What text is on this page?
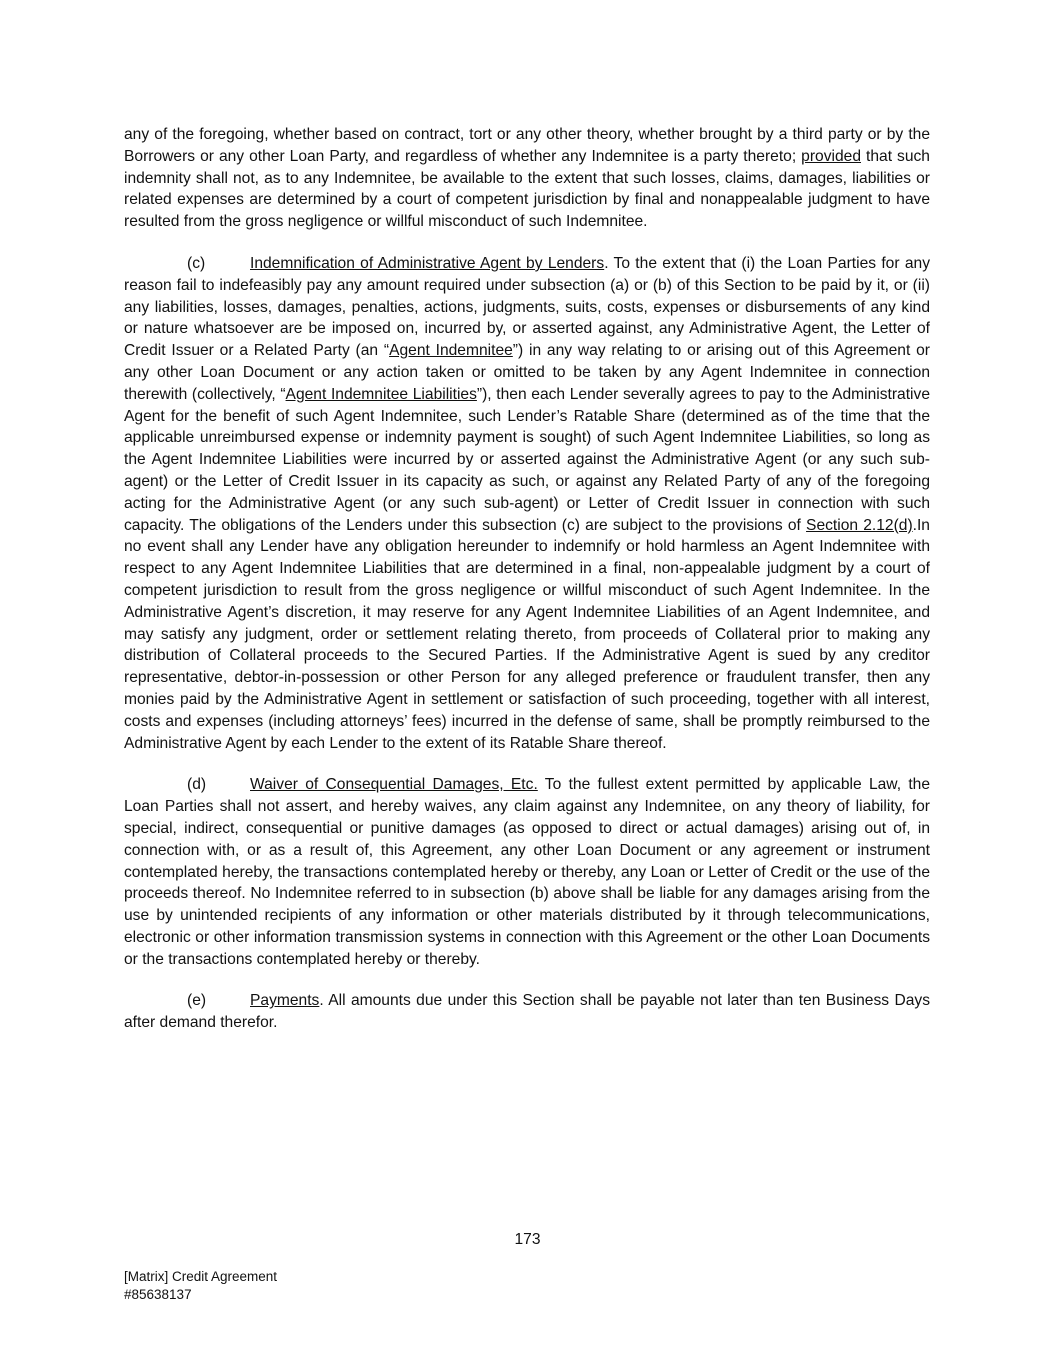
any of the foregoing, whether based on contract, tort or any other theory, whether brought by a third party or by the Borrowers or any other Loan Party, and regardless of whether any Indemnitee is a party thereto; provided that such indemnity shall not, as to any Indemnitee, be available to the extent that such losses, claims, damages, liabilities or related expenses are determined by a court of competent jurisdiction by final and nonappealable judgment to have resulted from the gross negligence or willful misconduct of such Indemnitee.

(c)	Indemnification of Administrative Agent by Lenders. To the extent that (i) the Loan Parties for any reason fail to indefeasibly pay any amount required under subsection (a) or (b) of this Section to be paid by it, or (ii) any liabilities, losses, damages, penalties, actions, judgments, suits, costs, expenses or disbursements of any kind or nature whatsoever are be imposed on, incurred by, or asserted against, any Administrative Agent, the Letter of Credit Issuer or a Related Party (an “Agent Indemnitee”) in any way relating to or arising out of this Agreement or any other Loan Document or any action taken or omitted to be taken by any Agent Indemnitee in connection therewith (collectively, “Agent Indemnitee Liabilities”), then each Lender severally agrees to pay to the Administrative Agent for the benefit of such Agent Indemnitee, such Lender’s Ratable Share (determined as of the time that the applicable unreimbursed expense or indemnity payment is sought) of such Agent Indemnitee Liabilities, so long as the Agent Indemnitee Liabilities were incurred by or asserted against the Administrative Agent (or any such sub-agent) or the Letter of Credit Issuer in its capacity as such, or against any Related Party of any of the foregoing acting for the Administrative Agent (or any such sub-agent) or Letter of Credit Issuer in connection with such capacity. The obligations of the Lenders under this subsection (c) are subject to the provisions of Section 2.12(d).In no event shall any Lender have any obligation hereunder to indemnify or hold harmless an Agent Indemnitee with respect to any Agent Indemnitee Liabilities that are determined in a final, non-appealable judgment by a court of competent jurisdiction to result from the gross negligence or willful misconduct of such Agent Indemnitee. In the Administrative Agent’s discretion, it may reserve for any Agent Indemnitee Liabilities of an Agent Indemnitee, and may satisfy any judgment, order or settlement relating thereto, from proceeds of Collateral prior to making any distribution of Collateral proceeds to the Secured Parties. If the Administrative Agent is sued by any creditor representative, debtor-in-possession or other Person for any alleged preference or fraudulent transfer, then any monies paid by the Administrative Agent in settlement or satisfaction of such proceeding, together with all interest, costs and expenses (including attorneys’ fees) incurred in the defense of same, shall be promptly reimbursed to the Administrative Agent by each Lender to the extent of its Ratable Share thereof.

(d)	Waiver of Consequential Damages, Etc. To the fullest extent permitted by applicable Law, the Loan Parties shall not assert, and hereby waives, any claim against any Indemnitee, on any theory of liability, for special, indirect, consequential or punitive damages (as opposed to direct or actual damages) arising out of, in connection with, or as a result of, this Agreement, any other Loan Document or any agreement or instrument contemplated hereby, the transactions contemplated hereby or thereby, any Loan or Letter of Credit or the use of the proceeds thereof. No Indemnitee referred to in subsection (b) above shall be liable for any damages arising from the use by unintended recipients of any information or other materials distributed by it through telecommunications, electronic or other information transmission systems in connection with this Agreement or the other Loan Documents or the transactions contemplated hereby or thereby.

(e)	Payments. All amounts due under this Section shall be payable not later than ten Business Days after demand therefor.

173
[Matrix] Credit Agreement
#85638137
